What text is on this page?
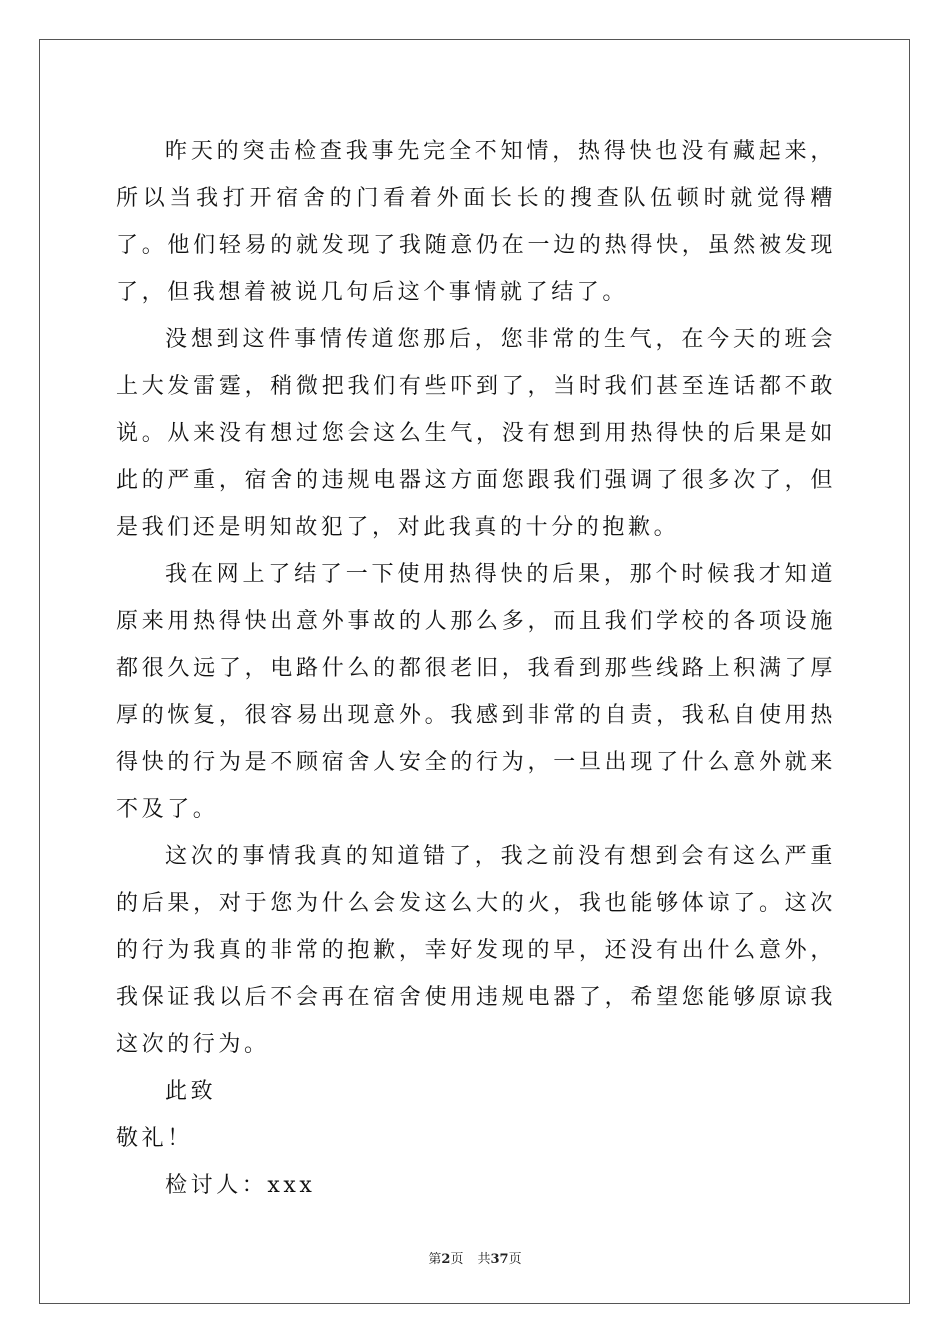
昨天的突击检查我事先完全不知情，热得快也没有藏起来，所以当我打开宿舍的门看着外面长长的搜查队伍顿时就觉得糟了。他们轻易的就发现了我随意仍在一边的热得快，虽然被发现了，但我想着被说几句后这个事情就了结了。

没想到这件事情传道您那后，您非常的生气，在今天的班会上大发雷霆，稍微把我们有些吓到了，当时我们甚至连话都不敢说。从来没有想过您会这么生气，没有想到用热得快的后果是如此的严重，宿舍的违规电器这方面您跟我们强调了很多次了，但是我们还是明知故犯了，对此我真的十分的抱歉。

我在网上了结了一下使用热得快的后果，那个时候我才知道原来用热得快出意外事故的人那么多，而且我们学校的各项设施都很久远了，电路什么的都很老旧，我看到那些线路上积满了厚厚的恢复，很容易出现意外。我感到非常的自责，我私自使用热得快的行为是不顾宿舍人安全的行为，一旦出现了什么意外就来不及了。

这次的事情我真的知道错了，我之前没有想到会有这么严重的后果，对于您为什么会发这么大的火，我也能够体谅了。这次的行为我真的非常的抱歉，幸好发现的早，还没有出什么意外，我保证我以后不会再在宿舍使用违规电器了，希望您能够原谅我这次的行为。

此致

敬礼！

检讨人：xxx

第2页 共37页
